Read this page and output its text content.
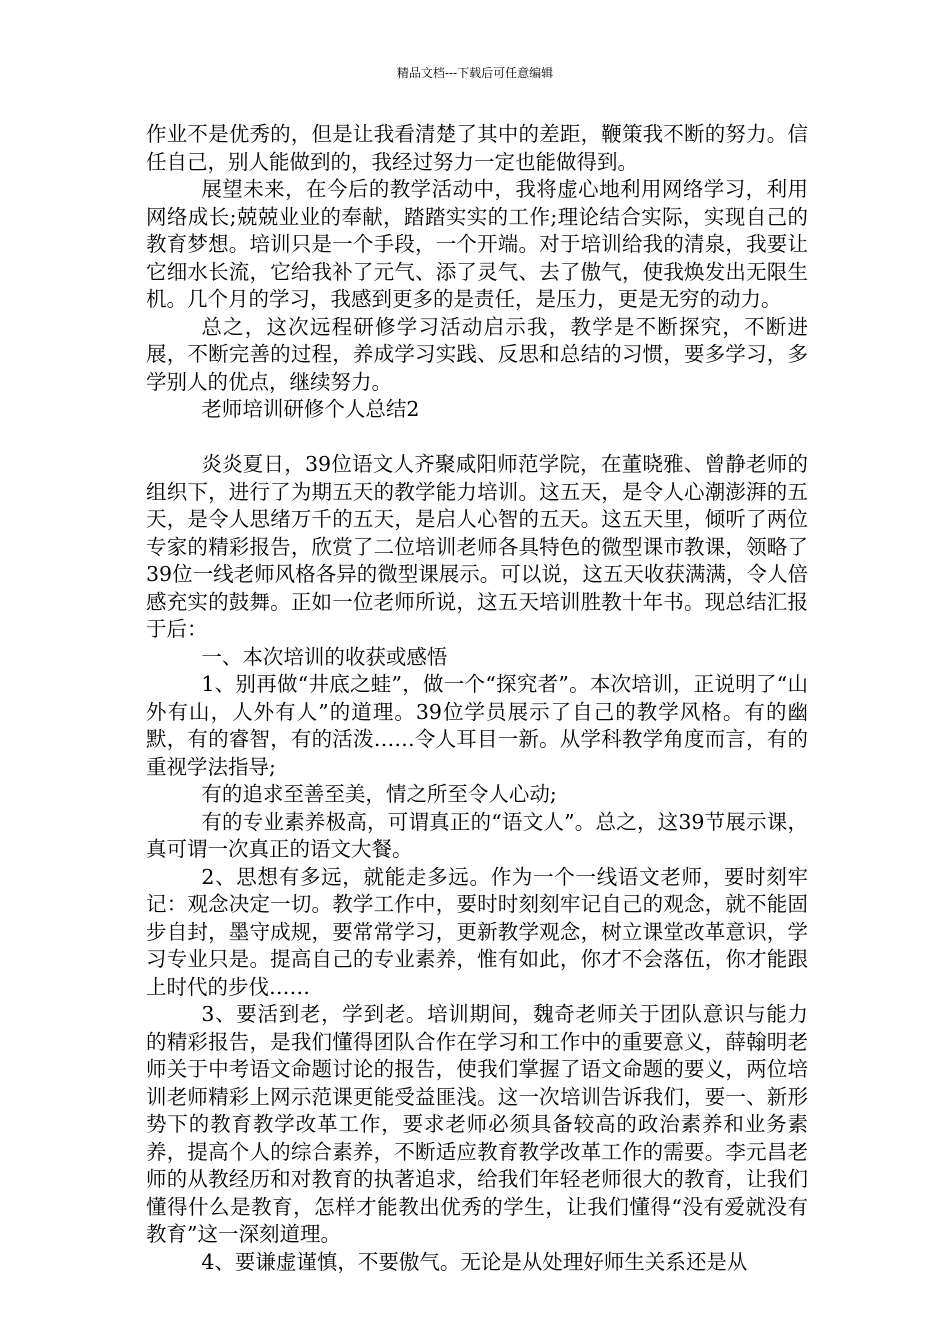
精品文档---下载后可任意编辑

作业不是优秀的，但是让我看清楚了其中的差距，鞭策我不断的努力。信任自己，别人能做到的，我经过努力一定也能做得到。

展望未来，在今后的教学活动中，我将虚心地利用网络学习，利用网络成长;兢兢业业的奉献，踏踏实实的工作;理论结合实际，实现自己的教育梦想。培训只是一个手段，一个开端。对于培训给我的清泉，我要让它细水长流，它给我补了元气、添了灵气、去了傲气，使我焕发出无限生机。几个月的学习，我感到更多的是责任，是压力，更是无穷的动力。

总之，这次远程研修学习活动启示我，教学是不断探究，不断进展，不断完善的过程，养成学习实践、反思和总结的习惯，要多学习，多学别人的优点，继续努力。

老师培训研修个人总结2

炎炎夏日，39位语文人齐聚咸阳师范学院，在董晓雅、曾静老师的组织下，进行了为期五天的教学能力培训。这五天，是令人心潮澎湃的五天，是令人思绪万千的五天，是启人心智的五天。这五天里，倾听了两位专家的精彩报告，欣赏了二位培训老师各具特色的微型课市教课，领略了39位一线老师风格各异的微型课展示。可以说，这五天收获满满，令人倍感充实的鼓舞。正如一位老师所说，这五天培训胜教十年书。现总结汇报于后：

一、本次培训的收获或感悟

1、别再做“井底之蛙”，做一个“探究者”。本次培训，正说明了“山外有山，人外有人”的道理。39位学员展示了自己的教学风格。有的幽默，有的睿智，有的活泼……令人耳目一新。从学科教学角度而言，有的重视学法指导;

有的追求至善至美，情之所至令人心动;

有的专业素养极高，可谓真正的“语文人”。总之，这39节展示课，真可谓一次真正的语文大餐。

2、思想有多远，就能走多远。作为一个一线语文老师，要时刻牢记：观念决定一切。教学工作中，要时时刻刻牢记自己的观念，就不能固步自封，墨守成规，要常常学习，更新教学观念，树立课堂改革意识，学习专业只是。提高自己的专业素养，惟有如此，你才不会落伍，你才能跟上时代的步伐……

3、要活到老，学到老。培训期间，魏奇老师关于团队意识与能力的精彩报告，是我们懂得团队合作在学习和工作中的重要意义，薛翰明老师关于中考语文命题讨论的报告，使我们掌握了语文命题的要义，两位培训老师精彩上网示范课更能受益匪浅。这一次培训告诉我们，要一、新形势下的教育教学改革工作，要求老师必须具备较高的政治素养和业务素养，提高个人的综合素养，不断适应教育教学改革工作的需要。李元昌老师的从教经历和对教育的执著追求，给我们年轻老师很大的教育，让我们懂得什么是教育，怎样才能教出优秀的学生，让我们懂得“没有爱就没有教育”这一深刻道理。

4、要谦虚谨慎，不要傲气。无论是从处理好师生关系还是从
